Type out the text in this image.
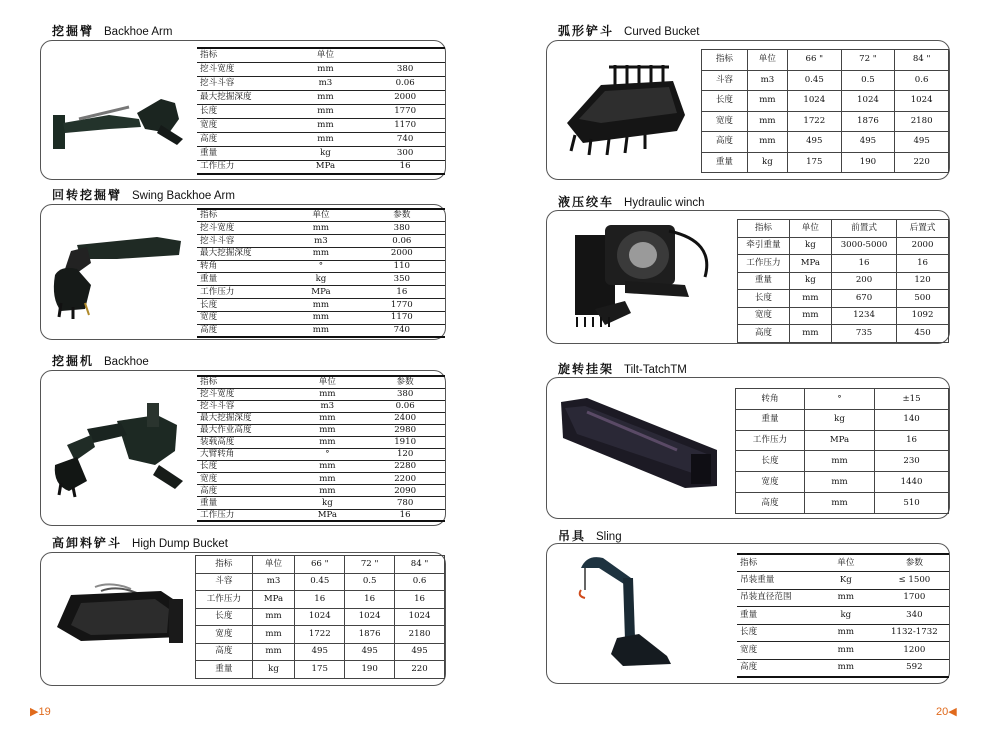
挖掘臂 Backhoe Arm
指标	单位	
挖斗宽度	mm	380
挖斗斗容	m3	0.06
最大挖掘深度	mm	2000
长度	mm	1770
宽度	mm	1170
高度	mm	740
重量	kg	300
工作压力	MPa	16
回转挖掘臂 Swing Backhoe Arm
指标	单位	参数
挖斗宽度	mm	380
挖斗斗容	m3	0.06
最大挖掘深度	mm	2000
转角	°	110
重量	kg	350
工作压力	MPa	16
长度	mm	1770
宽度	mm	1170
高度	mm	740
挖掘机 Backhoe
指标	单位	参数
挖斗宽度	mm	380
挖斗斗容	m3	0.06
最大挖掘深度	mm	2400
最大作业高度	mm	2980
装载高度	mm	1910
大臂转角	°	120
长度	mm	2280
宽度	mm	2200
高度	mm	2090
重量	kg	780
工作压力	MPa	16
高卸料铲斗 High Dump Bucket
指标	单位	66 "	72 "	84 "
斗容	m3	0.45	0.5	0.6
工作压力	MPa	16	16	16
长度	mm	1024	1024	1024
宽度	mm	1722	1876	2180
高度	mm	495	495	495
重量	kg	175	190	220
▶19
弧形铲斗 Curved Bucket
指标	单位	66 "	72 "	84 "
斗容	m3	0.45	0.5	0.6
长度	mm	1024	1024	1024
宽度	mm	1722	1876	2180
高度	mm	495	495	495
重量	kg	175	190	220
液压绞车 Hydraulic winch
指标	单位	前置式	后置式
牵引重量	kg	3000-5000	2000
工作压力	MPa	16	16
重量	kg	200	120
长度	mm	670	500
宽度	mm	1234	1092
高度	mm	735	450
旋转挂架 Tilt-TatchTM
转角	°	±15
重量	kg	140
工作压力	MPa	16
长度	mm	230
宽度	mm	1440
高度	mm	510
吊具 Sling
指标	单位	参数
吊装重量	Kg	≤ 1500
吊装直径范围	mm	1700
重量	kg	340
长度	mm	1132-1732
宽度	mm	1200
高度	mm	592
20◀
